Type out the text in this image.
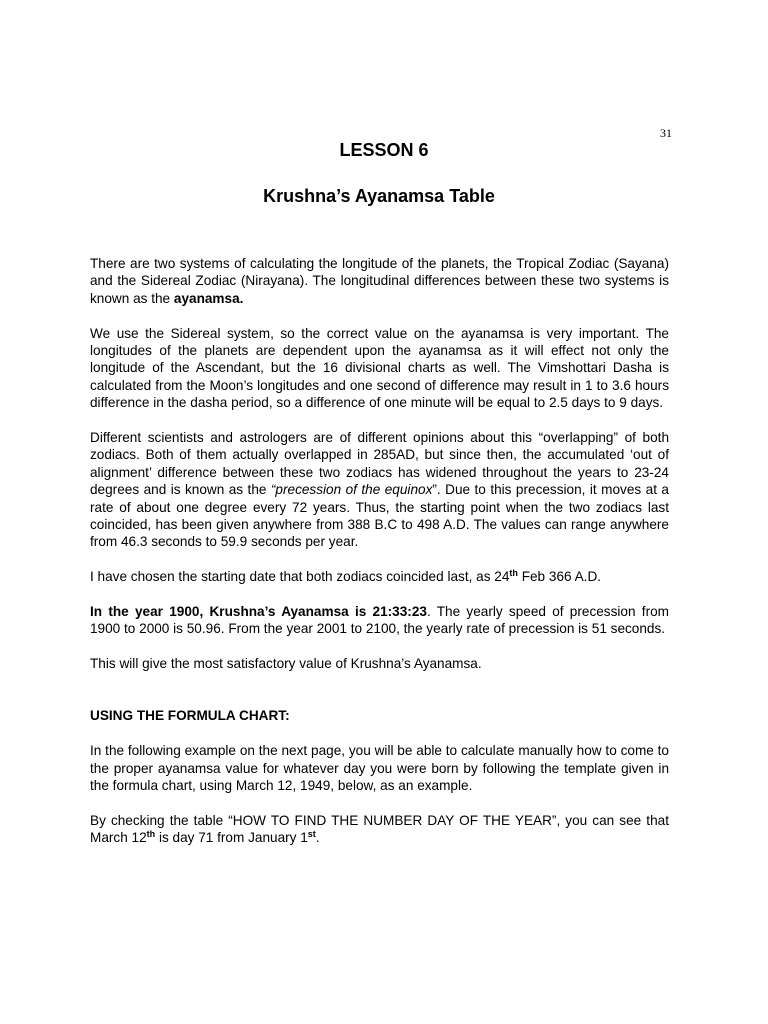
31
LESSON 6
Krushna’s Ayanamsa Table

There are two systems of calculating the longitude of the planets, the Tropical Zodiac (Sayana) and the Sidereal Zodiac (Nirayana). The longitudinal differences between these two systems is known as the ayanamsa.

We use the Sidereal system, so the correct value on the ayanamsa is very important. The longitudes of the planets are dependent upon the ayanamsa as it will effect not only the longitude of the Ascendant, but the 16 divisional charts as well. The Vimshottari Dasha is calculated from the Moon’s longitudes and one second of difference may result in 1 to 3.6 hours difference in the dasha period, so a difference of one minute will be equal to 2.5 days to 9 days.

Different scientists and astrologers are of different opinions about this “overlapping” of both zodiacs. Both of them actually overlapped in 285AD, but since then, the accumulated ‘out of alignment’ difference between these two zodiacs has widened throughout the years to 23-24 degrees and is known as the “precession of the equinox”. Due to this precession, it moves at a rate of about one degree every 72 years. Thus, the starting point when the two zodiacs last coincided, has been given anywhere from 388 B.C to 498 A.D. The values can range anywhere from 46.3 seconds to 59.9 seconds per year.

I have chosen the starting date that both zodiacs coincided last, as 24th Feb 366 A.D.

In the year 1900, Krushna’s Ayanamsa is 21:33:23. The yearly speed of precession from 1900 to 2000 is 50.96. From the year 2001 to 2100, the yearly rate of precession is 51 seconds.

This will give the most satisfactory value of Krushna’s Ayanamsa.

USING THE FORMULA CHART:

In the following example on the next page, you will be able to calculate manually how to come to the proper ayanamsa value for whatever day you were born by following the template given in the formula chart, using March 12, 1949, below, as an example.

By checking the table “HOW TO FIND THE NUMBER DAY OF THE YEAR”, you can see that March 12th is day 71 from January 1st.
